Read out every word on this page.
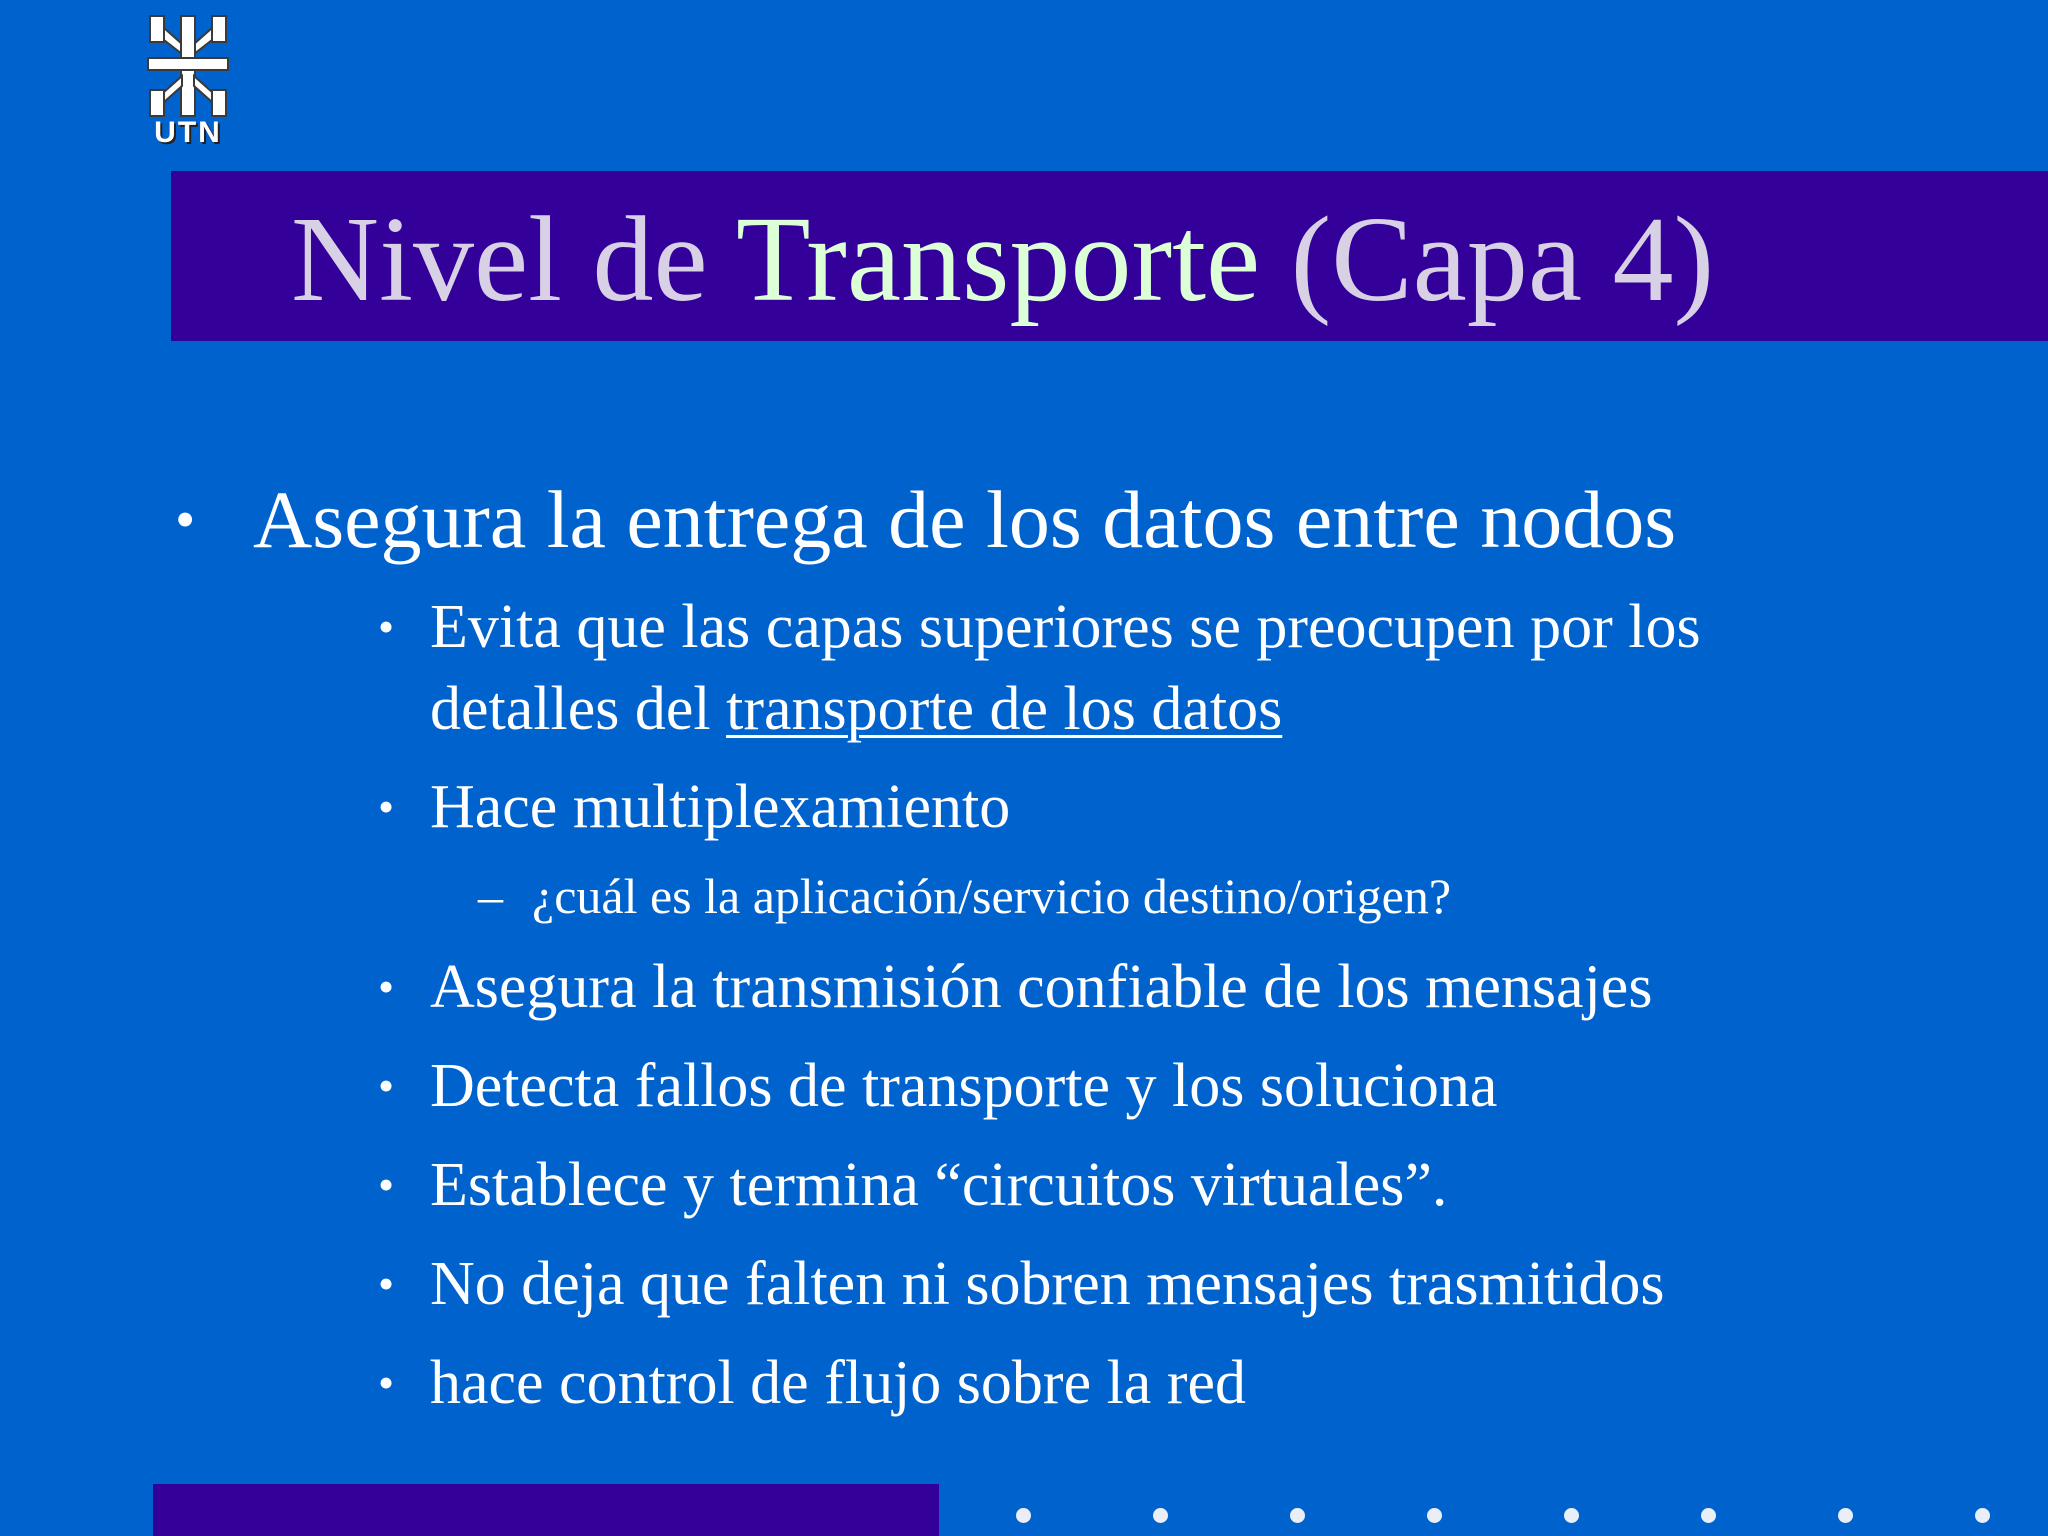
UTN
Nivel de Transporte (Capa 4)
• Asegura la entrega de los datos entre nodos
• Evita que las capas superiores se preocupen por los
detalles del transporte de los datos
• Hace multiplexamiento
– ¿cuál es la aplicación/servicio destino/origen?
• Asegura la transmisión confiable de los mensajes
• Detecta fallos de transporte y los soluciona
• Establece y termina “circuitos virtuales”.
• No deja que falten ni sobren mensajes trasmitidos
• hace control de flujo sobre la red
